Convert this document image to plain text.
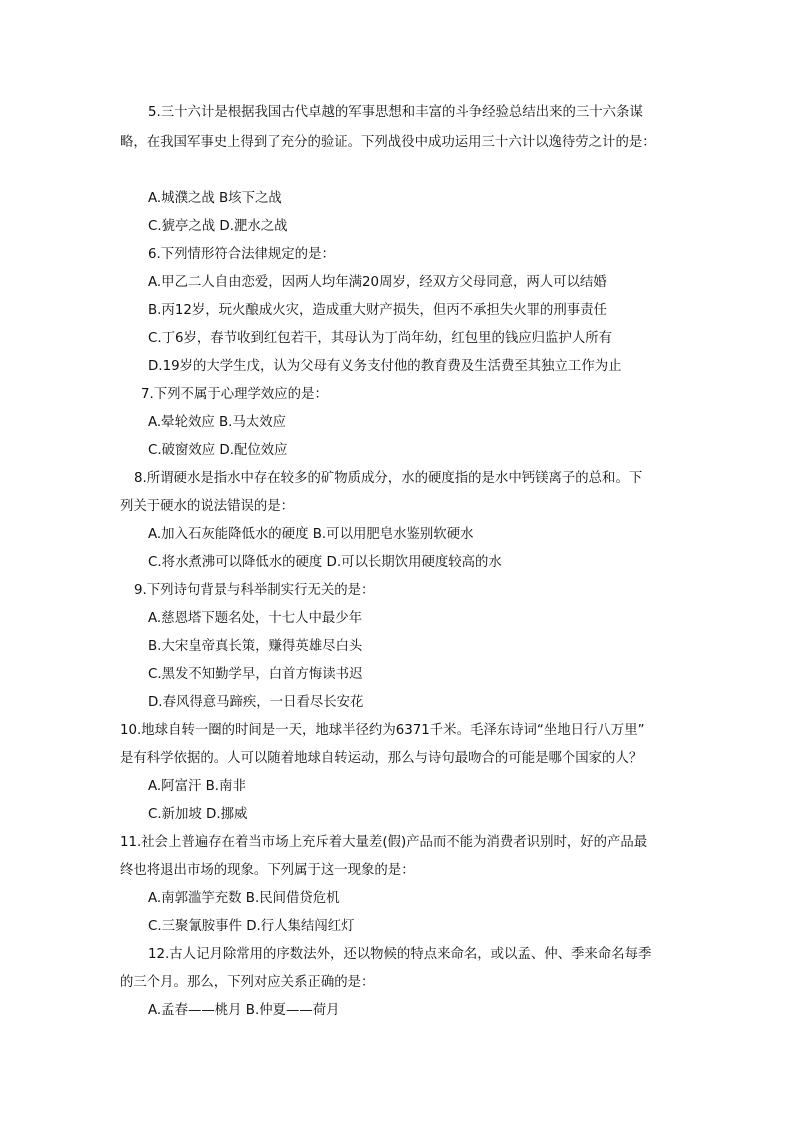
5.三十六计是根据我国古代卓越的军事思想和丰富的斗争经验总结出来的三十六条谋
略，在我国军事史上得到了充分的验证。下列战役中成功运用三十六计以逸待劳之计的是：
A.城濮之战 B垓下之战
C.猇亭之战 D.淝水之战
6.下列情形符合法律规定的是：
A.甲乙二人自由恋爱，因两人均年满20周岁，经双方父母同意，两人可以结婚
B.丙12岁，玩火酿成火灾，造成重大财产损失，但丙不承担失火罪的刑事责任
C.丁6岁，春节收到红包若干，其母认为丁尚年幼，红包里的钱应归监护人所有
D.19岁的大学生戊，认为父母有义务支付他的教育费及生活费至其独立工作为止
7.下列不属于心理学效应的是：
A.晕轮效应 B.马太效应
C.破窗效应 D.配位效应
8.所谓硬水是指水中存在较多的矿物质成分，水的硬度指的是水中钙镁离子的总和。下
列关于硬水的说法错误的是：
A.加入石灰能降低水的硬度 B.可以用肥皂水鉴别软硬水
C.将水煮沸可以降低水的硬度 D.可以长期饮用硬度较高的水
9.下列诗句背景与科举制实行无关的是：
A.慈恩塔下题名处，十七人中最少年
B.大宋皇帝真长策，赚得英雄尽白头
C.黑发不知勤学早，白首方悔读书迟
D.春风得意马蹄疾，一日看尽长安花
10.地球自转一圈的时间是一天，地球半径约为6371千米。毛泽东诗词“坐地日行八万里”
是有科学依据的。人可以随着地球自转运动，那么与诗句最吻合的可能是哪个国家的人？
A.阿富汗 B.南非
C.新加坡 D.挪威
11.社会上普遍存在着当市场上充斥着大量差(假)产品而不能为消费者识别时，好的产品最
终也将退出市场的现象。下列属于这一现象的是：
A.南郭滥竽充数 B.民间借贷危机
C.三聚氰胺事件 D.行人集结闯红灯
12.古人记月除常用的序数法外，还以物候的特点来命名，或以孟、仲、季来命名每季
的三个月。那么，下列对应关系正确的是：
A.孟春——桃月 B.仲夏——荷月
